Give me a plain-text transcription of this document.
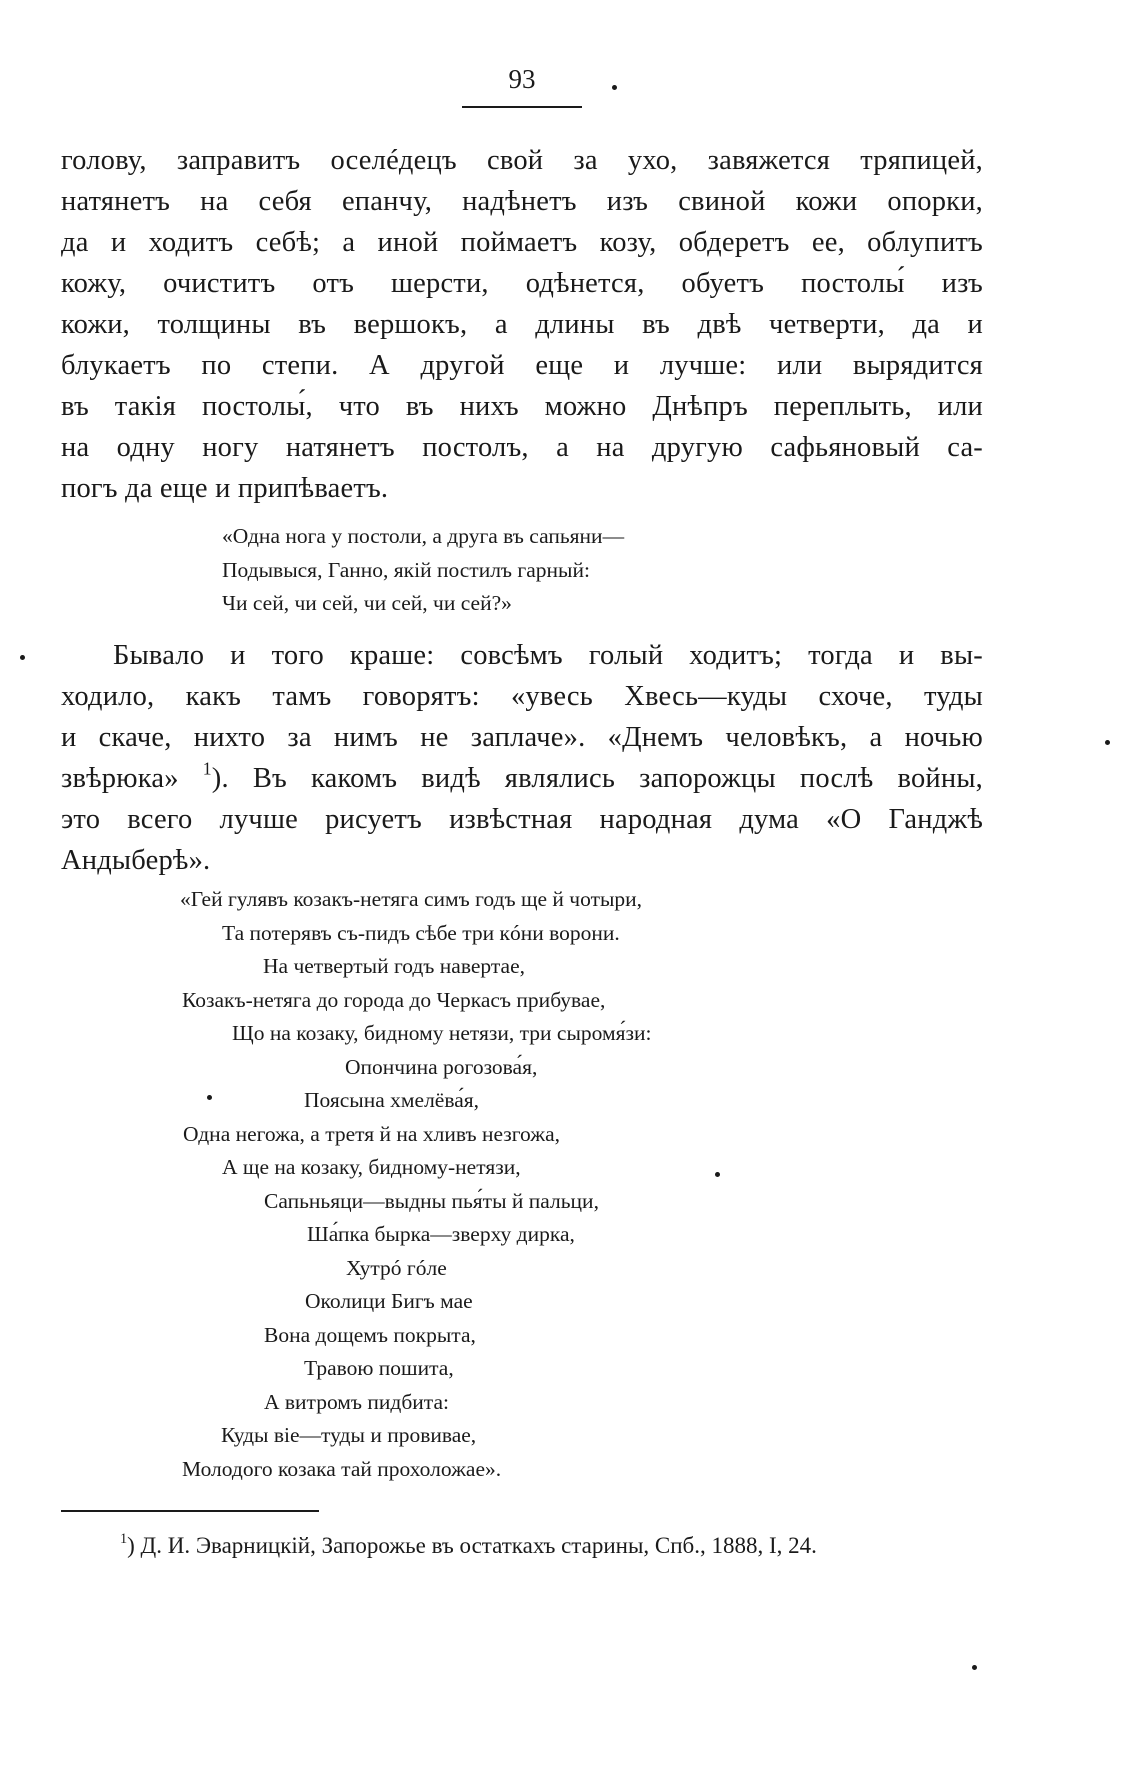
93
голову, заправитъ оселéдецъ свой за ухо, завяжется тряпицей,
натянетъ на себя епанчу, надѣнетъ изъ свиной кожи опорки,
да и ходитъ себѣ; а иной поймаетъ козу, обдеретъ ее, облупитъ
кожу, очиститъ отъ шерсти, одѣнется, обуетъ постолы́ изъ
кожи, толщины въ вершокъ, а длины въ двѣ четверти, да и
блукаетъ по степи. А другой еще и лучше: или вырядится
въ такія постолы́, что въ нихъ можно Днѣпръ переплыть, или
на одну ногу натянетъ постолъ, а на другую сафьяновый са-
погъ да еще и припѣваетъ.
«Одна нога у постоли, а друга въ сапьяни—
Подывыся, Ганно, якій постилъ гарный:
Чи сей, чи сей, чи сей, чи сей?»
Бывало и того краше: совсѣмъ голый ходитъ; тогда и вы-
ходило, какъ тамъ говорятъ: «увесь Хвесь—куды схоче, туды
и скаче, нихто за нимъ не заплаче». «Днемъ человѣкъ, а ночью
звѣрюка» $^1$). Въ какомъ видѣ являлись запорожцы послѣ войны,
это всего лучше рисуетъ извѣстная народная дума «О Ганджѣ
Андыберѣ».
«Гей гулявъ козакъ-нетяга симъ годъ ще й чотыри,
Та потерявъ съ-пидъ сѣбе три кóни ворони.
На четвертый годъ навертае,
Козакъ-нетяга до города до Черкасъ прибувае,
Що на козаку, бидному нетязи, три сыромя́зи:
Опончина рогозова́я,
Поясына хмелёва́я,
Одна негожа, а третя й на хливъ незгожа,
А ще на козаку, бидному-нетязи,
Сапьньяци—выдны пья́ты й пальци,
Ша́пка бырка—зверху дирка,
Хутрó гóле
Околици Бигъ мае
Вона дощемъ покрыта,
Травою пошита,
А витромъ пидбита:
Куды вiе—туды и провивае,
Молодого козака тай прохоложае».
$^1$) Д. И. Эварницкій, Запорожье въ остаткахъ старины, Спб., 1888, I, 24.
